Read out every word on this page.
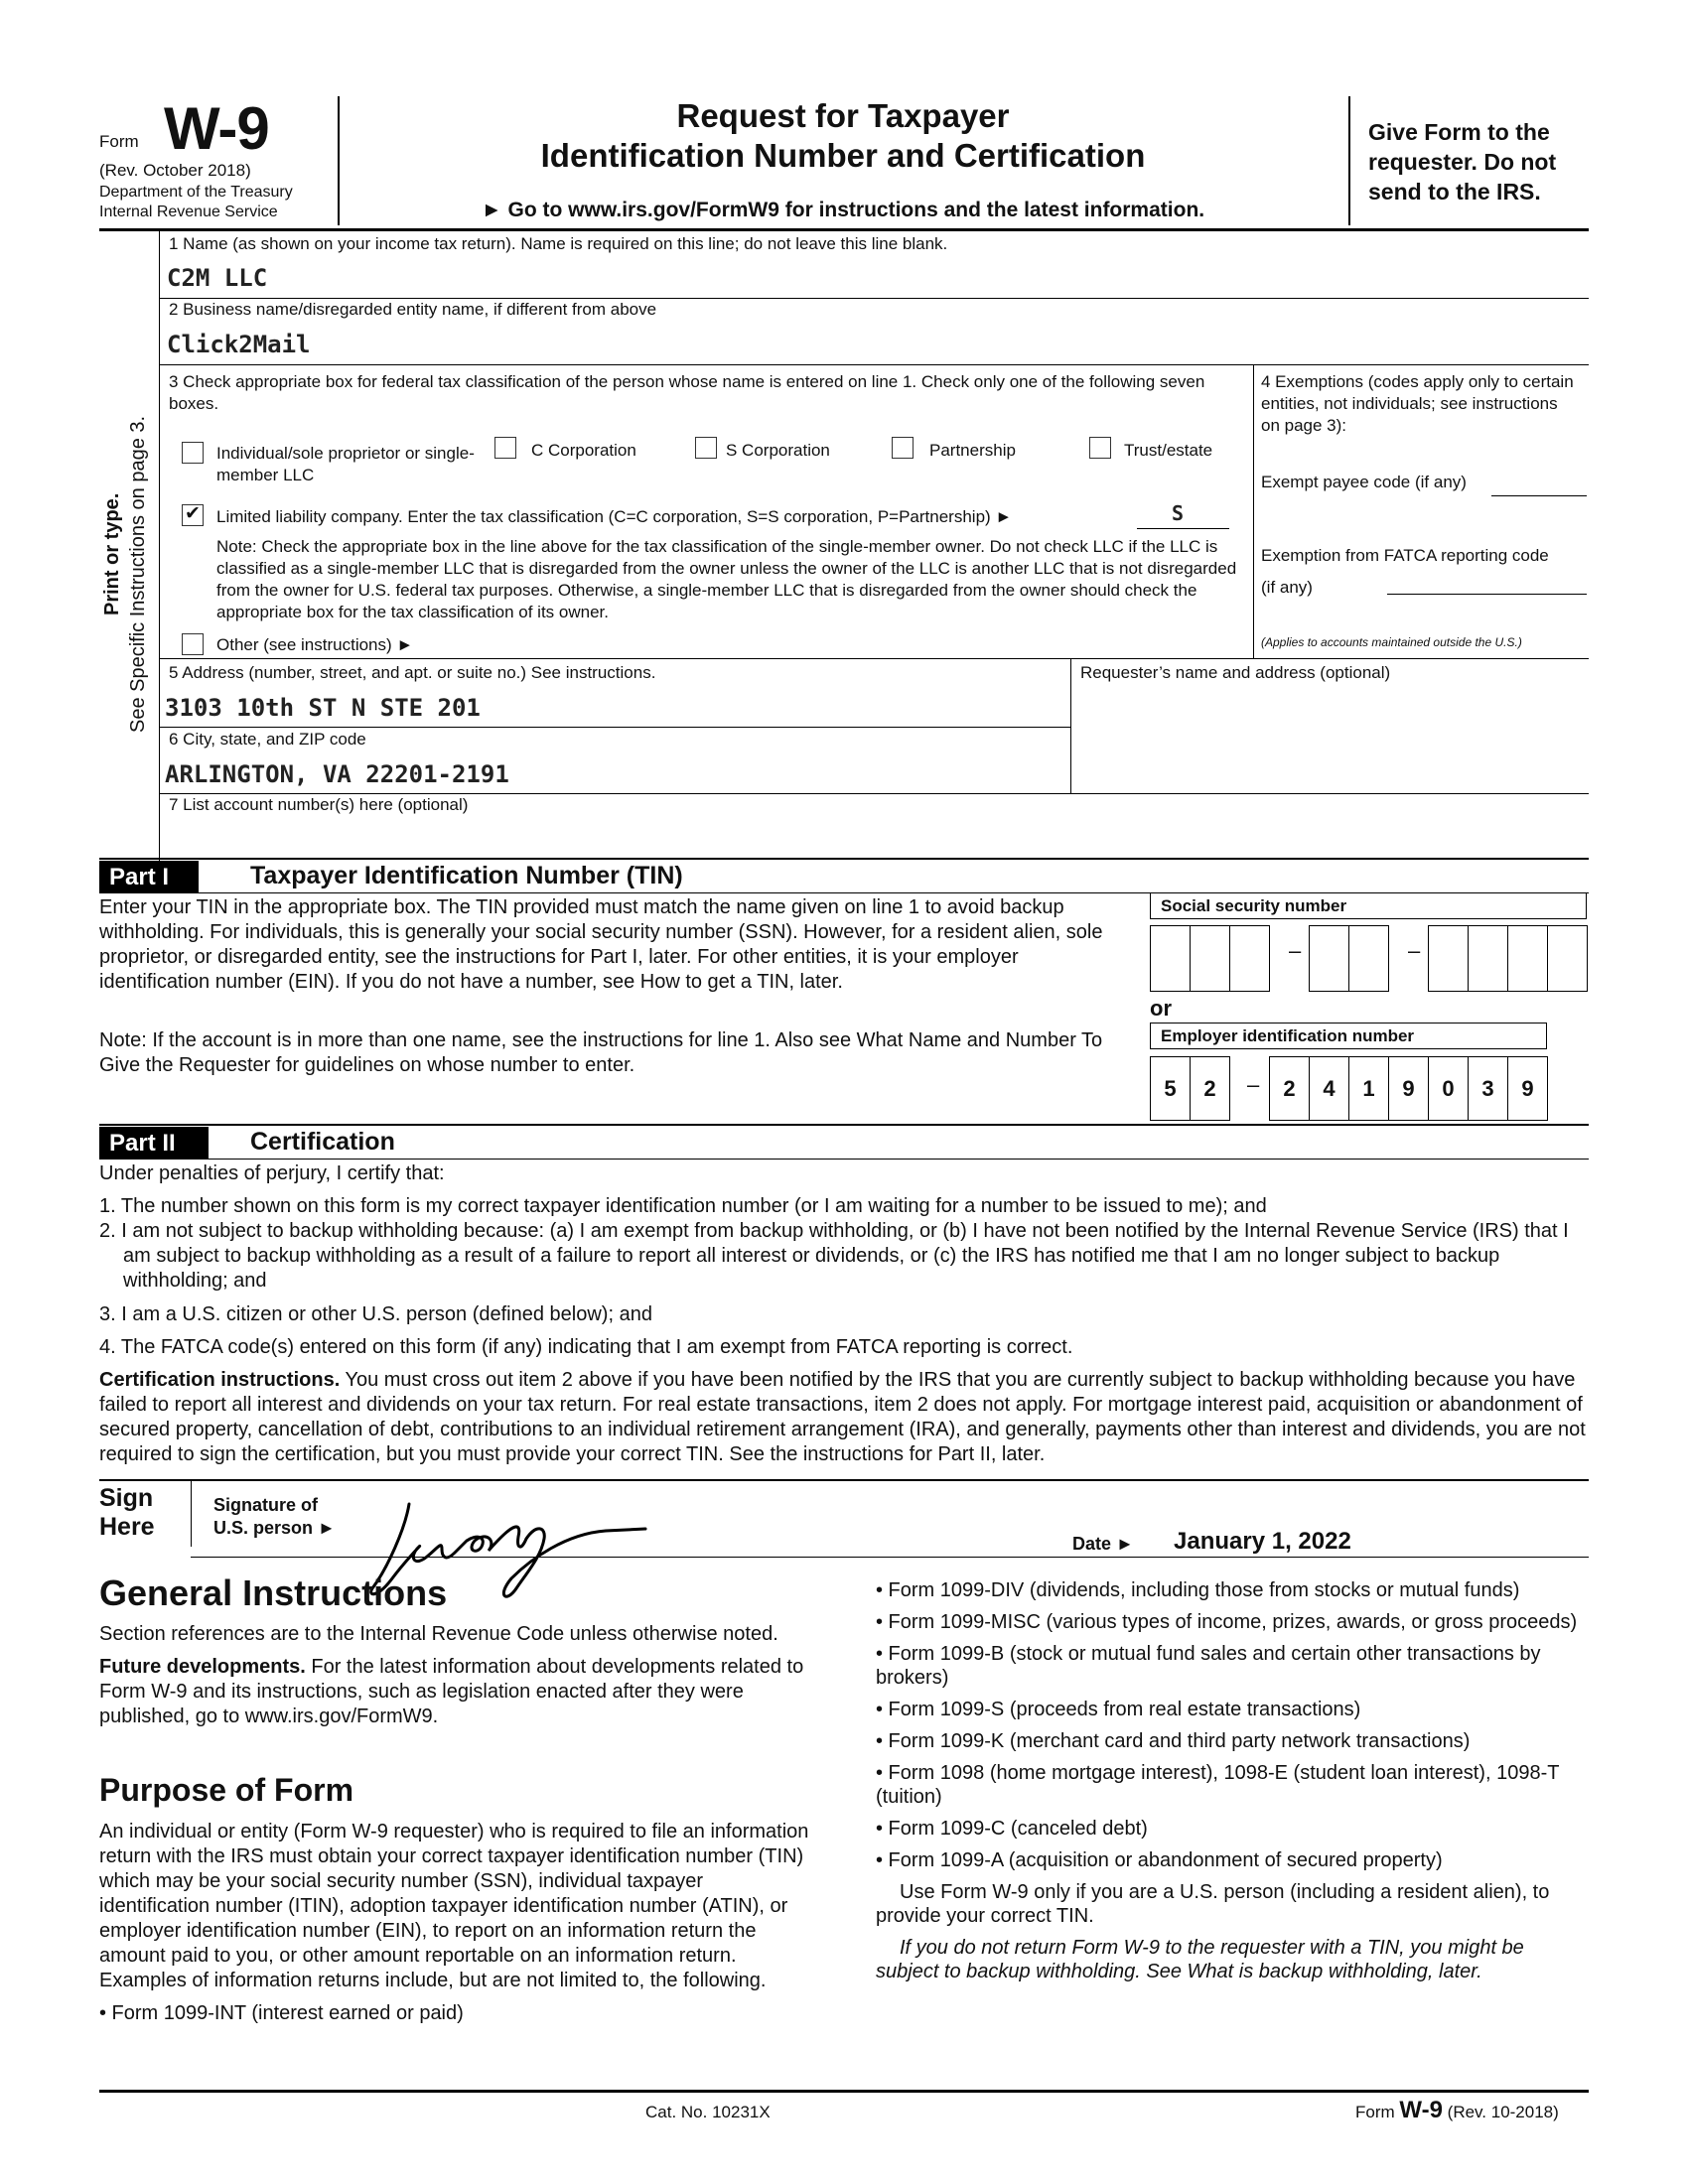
Form W-9
(Rev. October 2018)
Department of the Treasury
Internal Revenue Service
Request for Taxpayer
Identification Number and Certification
► Go to www.irs.gov/FormW9 for instructions and the latest information.
Give Form to the requester. Do not send to the IRS.
Print or type. See Specific Instructions on page 3.
1 Name (as shown on your income tax return). Name is required on this line; do not leave this line blank.
C2M LLC
2 Business name/disregarded entity name, if different from above
Click2Mail
3 Check appropriate box for federal tax classification of the person whose name is entered on line 1. Check only one of the following seven boxes.
Individual/sole proprietor or single-member LLC
C Corporation	S Corporation	Partnership	Trust/estate
✔
Limited liability company. Enter the tax classification (C=C corporation, S=S corporation, P=Partnership) ►	S
Note: Check the appropriate box in the line above for the tax classification of the single-member owner. Do not check LLC if the LLC is classified as a single-member LLC that is disregarded from the owner unless the owner of the LLC is another LLC that is not disregarded from the owner for U.S. federal tax purposes. Otherwise, a single-member LLC that is disregarded from the owner should check the appropriate box for the tax classification of its owner.
Other (see instructions) ►
4 Exemptions (codes apply only to certain entities, not individuals; see instructions on page 3):
Exempt payee code (if any)
Exemption from FATCA reporting code (if any)
(Applies to accounts maintained outside the U.S.)
5 Address (number, street, and apt. or suite no.) See instructions.
3103 10th ST N STE 201
Requester’s name and address (optional)
6 City, state, and ZIP code
ARLINGTON, VA 22201-2191
7 List account number(s) here (optional)
Part I	Taxpayer Identification Number (TIN)
Enter your TIN in the appropriate box. The TIN provided must match the name given on line 1 to avoid backup withholding. For individuals, this is generally your social security number (SSN). However, for a resident alien, sole proprietor, or disregarded entity, see the instructions for Part I, later. For other entities, it is your employer identification number (EIN). If you do not have a number, see How to get a TIN, later.
Note: If the account is in more than one name, see the instructions for line 1. Also see What Name and Number To Give the Requester for guidelines on whose number to enter.
Social security number
–	–
or
Employer identification number
5	2	–	2	4	1	9	0	3	9
Part II	Certification
Under penalties of perjury, I certify that:
1. The number shown on this form is my correct taxpayer identification number (or I am waiting for a number to be issued to me); and
2. I am not subject to backup withholding because: (a) I am exempt from backup withholding, or (b) I have not been notified by the Internal Revenue Service (IRS) that I am subject to backup withholding as a result of a failure to report all interest or dividends, or (c) the IRS has notified me that I am no longer subject to backup withholding; and
3. I am a U.S. citizen or other U.S. person (defined below); and
4. The FATCA code(s) entered on this form (if any) indicating that I am exempt from FATCA reporting is correct.
Certification instructions. You must cross out item 2 above if you have been notified by the IRS that you are currently subject to backup withholding because you have failed to report all interest and dividends on your tax return. For real estate transactions, item 2 does not apply. For mortgage interest paid, acquisition or abandonment of secured property, cancellation of debt, contributions to an individual retirement arrangement (IRA), and generally, payments other than interest and dividends, you are not required to sign the certification, but you must provide your correct TIN. See the instructions for Part II, later.
Sign Here
Signature of U.S. person ►
Date ► January 1, 2022
General Instructions

Section references are to the Internal Revenue Code unless otherwise noted.

Future developments. For the latest information about developments related to Form W-9 and its instructions, such as legislation enacted after they were published, go to www.irs.gov/FormW9.

Purpose of Form

An individual or entity (Form W-9 requester) who is required to file an information return with the IRS must obtain your correct taxpayer identification number (TIN) which may be your social security number (SSN), individual taxpayer identification number (ITIN), adoption taxpayer identification number (ATIN), or employer identification number (EIN), to report on an information return the amount paid to you, or other amount reportable on an information return. Examples of information returns include, but are not limited to, the following.

• Form 1099-INT (interest earned or paid)

• Form 1099-DIV (dividends, including those from stocks or mutual funds)

• Form 1099-MISC (various types of income, prizes, awards, or gross proceeds)

• Form 1099-B (stock or mutual fund sales and certain other transactions by brokers)

• Form 1099-S (proceeds from real estate transactions)

• Form 1099-K (merchant card and third party network transactions)

• Form 1098 (home mortgage interest), 1098-E (student loan interest), 1098-T (tuition)

• Form 1099-C (canceled debt)

• Form 1099-A (acquisition or abandonment of secured property)

Use Form W-9 only if you are a U.S. person (including a resident alien), to provide your correct TIN.

If you do not return Form W-9 to the requester with a TIN, you might be subject to backup withholding. See What is backup withholding, later.

Cat. No. 10231X	Form W-9 (Rev. 10-2018)
